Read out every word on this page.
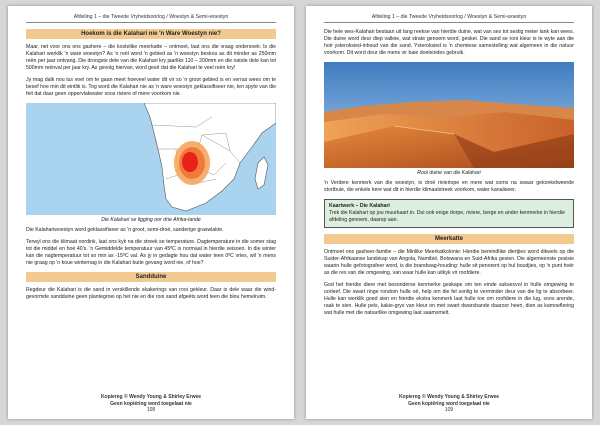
Afdeling 1 – die Tweede Vryheidsoorlog / Woestyn & Semi-woestyn
Hoekom is die Kalahari nie 'n Ware Woestyn nie?

Maar, net voor ons ons gashere – die kostelike meerkatte – ontmoet, laat ons die vraag ondersoek: Is die Kalahari werklik 'n ware woestyn? As 'n reël word 'n gebied as 'n woestyn beskou as dit minder as 250mm reën per jaar ontvang. Die droogste dele van die Kalahari kry jaarliks 110 – 200mm en die natste dele kan tot 500mm reënval per jaar kry. As gevolg hiervan, word gesê dat die Kalahari te veel reën kry!

Jy mag dalk nou lus voel om te gaan meet hoeveel water dit vir so 'n groot gebied is en verras wees om te besef hoe min dit eintlik is. Tog word die Kalahari nie as 'n ware woestyn geklassifiseer nie, ten spyte van die feit dat daar geen oppervlakwater soos riviere of mere voorkom nie.

Die Kalahari se ligging oor drie Afrika-lande

Die Kalahariwoestyn word geklassifiseer as 'n groot, semi-droë, sanderige graswlakte.

Terwyl ons die klimaat oordink, laat ons kyk na die streek se temperature. Dagtemperature in die somer stag tot die middel en hoë 40's. 'n Gemiddelde temperatuur van 45ºC is normaal in hierdie seisoen. In die winter kan die nagtemperatuur tot so min as -15ºC val. As jy in gedagte hou dat water teen 0ºC vries, wil 'n mens nie graag op 'n koue winternag in die Kalahari buite gevang word nie, of hoe?

Sandduine

Regdeur die Kalahari is die sand in verskillende skakerings van rooi gekleur. Daar is dele waar die wind-gevormde sandduine geen plantegroei op het nie en die rooi sand afgeëts word teen die blou hemelruim.

Kopiereg © Wendy Young & Shirley Erwee
Geen kopiëring word toegelaat nie
108
Afdeling 1 – die Tweede Vryheidsoorlog / Woestyn & Semi-woestyn

Die hele wes-Kalahari bestaan uit lang reekse van hierdie duine, wat van ses tot sestig meter lank kan wees. Die duine word deur diep valleie, wat strate genoem word, geskei. Die sand se rooi kleur is te wyte aan die hoë ysteroksied-inhoud van die sand. Ysteroksied is 'n chemiese samestelling wat algemeen in die natuur voorkom. Dit word deur die mens vir baie doeleindes gebruik.

Rooi duine van die Kalahari

'n Verdere kenmerk van die woestyn, is droë rivierlope en mere wat soms na swaar gekonkelweerde stortbuie, die enkele kere wat dit in hierdie klimaatstreek voorkom, water kanaliseer.

Kaartwerk – Die Kalahari
Trek die Kalahari op jou muurkaart in. Dui ook enige dorpe, riviere, berge en ander kenmerke in hierdie afdeling genoem, daarop aan.
Meerkatte

Ontmoet ons gasheer-familie – die Minlike Meerkatkolonie: Hierdie bemindlike diertjies word dikwels op die Suider-Afrikaanse landskap van Angola, Namibië, Botswana en Suid-Afrika gesien. Die algemeenste posisie waarin hulle gefotografeer word, is die brandwag-houding: hulle sit penorent op hul boudjies, op 'n punt hoër as die res van die omgewing, van waar hulle kan uitkyk vir roofdiere.

God het hierdie diere met besonderse kenmerke geskape om ten einde suksesvol in hulle omgewing te oorleef. Die swart ringe rondom hulle oë, help om die fel sonlig te verminder deur van die lig te absorbeer. Hulle kan werklik goed sien en hierdie ekstra kenmerk laat hulle toe om roofdiere in die lug, soos arende, raak te sien. Hulle pels, kakie-grys van kleur en met swart dwarsbande daaroor heen, dien as kamoeflering wat hulle met die natuurlike omgewing laat saamsmelt.

Kopiereg © Wendy Young & Shirley Erwee
Geen kopiëring word toegelaat nie
109
